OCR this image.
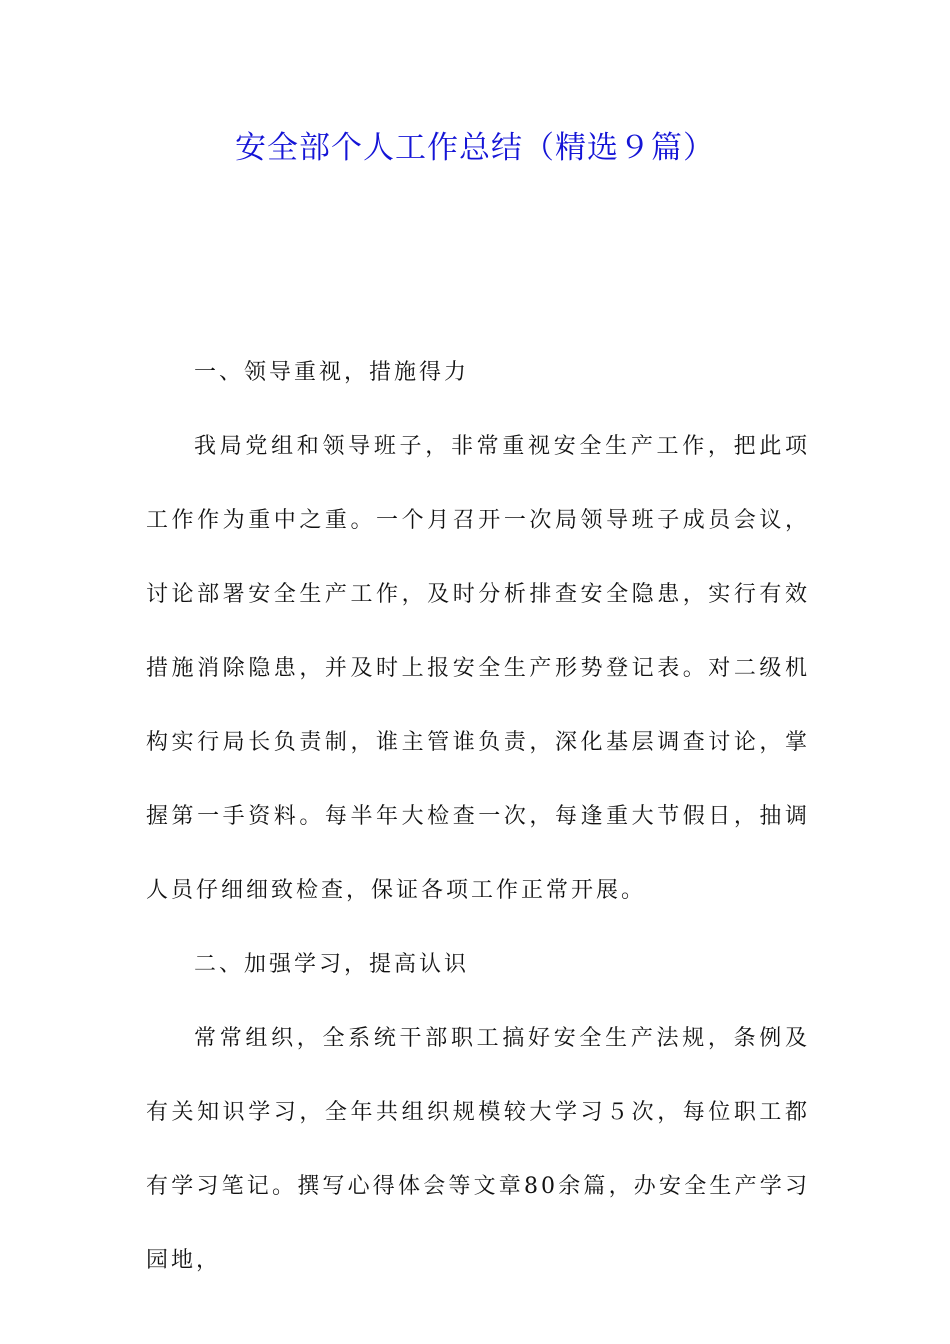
安全部个人工作总结（精选９篇）
一、领导重视，措施得力

我局党组和领导班子，非常重视安全生产工作，把此项工作作为重中之重。一个月召开一次局领导班子成员会议，讨论部署安全生产工作，及时分析排查安全隐患，实行有效措施消除隐患，并及时上报安全生产形势登记表。对二级机构实行局长负责制，谁主管谁负责，深化基层调查讨论，掌握第一手资料。每半年大检查一次，每逢重大节假日，抽调人员仔细细致检查，保证各项工作正常开展。

二、加强学习，提高认识

常常组织，全系统干部职工搞好安全生产法规，条例及有关知识学习，全年共组织规模较大学习５次，每位职工都有学习笔记。撰写心得体会等文章80余篇，办安全生产学习园地，
